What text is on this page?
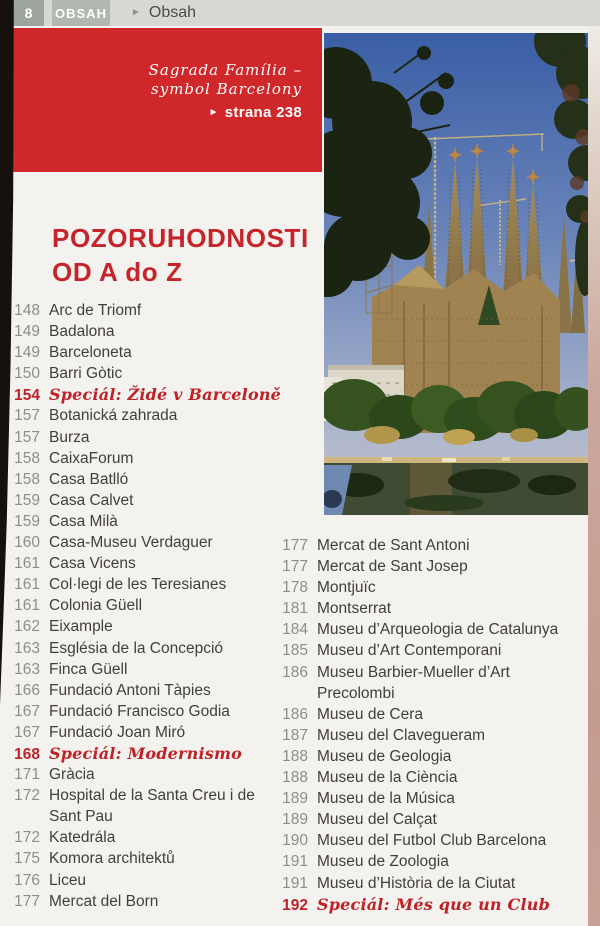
8 OBSAH ► Obsah
Sagrada Família –
symbol Barcelony
► strana 238
POZORUHODNOSTI
OD A do Z
148 Arc de Triomf
149 Badalona
149 Barceloneta
150 Barri Gòtic
154 Speciál: Židé v Barceloně
157 Botanická zahrada
157 Burza
158 CaixaForum
158 Casa Batlló
159 Casa Calvet
159 Casa Milà
160 Casa-Museu Verdaguer
161 Casa Vicens
161 Col·legi de les Teresianes
161 Colonia Güell
162 Eixample
163 Església de la Concepció
163 Finca Güell
166 Fundació Antoni Tàpies
167 Fundació Francisco Godia
167 Fundació Joan Miró
168 Speciál: Modernismo
171 Gràcia
172 Hospital de la Santa Creu i de
Sant Pau
172 Katedrála
175 Komora architektů
176 Liceu
177 Mercat del Born
177 Mercat de Sant Antoni
177 Mercat de Sant Josep
178 Montjuïc
181 Montserrat
184 Museu d’Arqueologia de Catalunya
185 Museu d’Art Contemporani
186 Museu Barbier-Mueller d’Art
Precolombi
186 Museu de Cera
187 Museu del Clavegueram
188 Museu de Geologia
188 Museu de la Ciència
189 Museu de la Música
189 Museu del Calçat
190 Museu del Futbol Club Barcelona
191 Museu de Zoologia
191 Museu d’Història de la Ciutat
192 Speciál: Més que un Club
